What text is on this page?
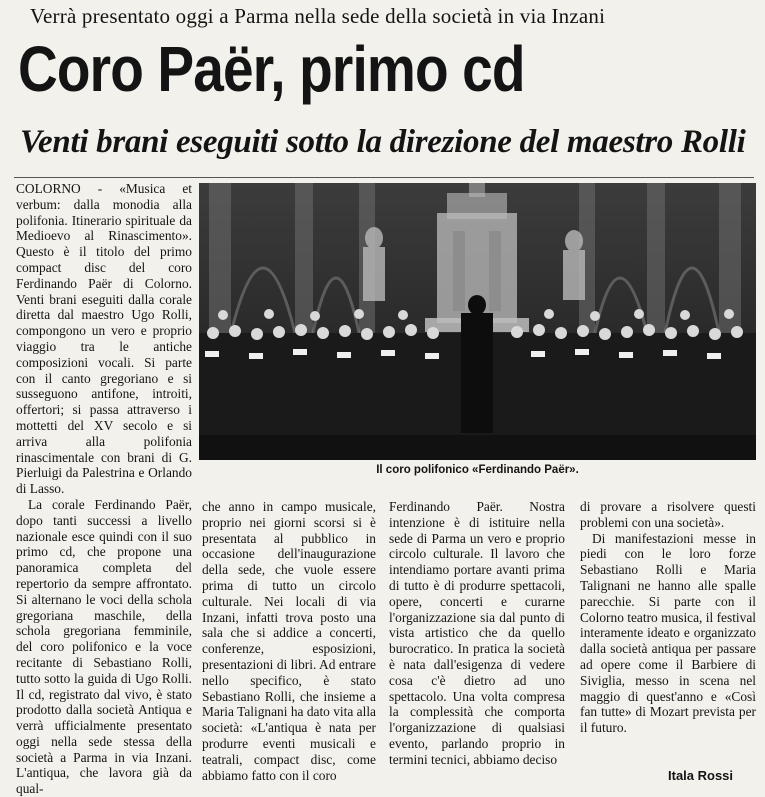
Verrà presentato oggi a Parma nella sede della società in via Inzani
Coro Paër, primo cd
Venti brani eseguiti sotto la direzione del maestro Rolli

COLORNO - «Musica et verbum: dalla monodia alla polifonia. Itinerario spirituale da Medioevo al Rinascimento». Questo è il titolo del primo compact disc del coro Ferdinando Paër di Colorno. Venti brani eseguiti dalla corale diretta dal maestro Ugo Rolli, compongono un vero e proprio viaggio tra le antiche composizioni vocali. Si parte con il canto gregoriano e si susseguono antifone, introiti, offertori; si passa attraverso i mottetti del XV secolo e si arriva alla polifonia rinascimentale con brani di G. Pierluigi da Palestrina e Orlando di Lasso.

La corale Ferdinando Paër, dopo tanti successi a livello nazionale esce quindi con il suo primo cd, che propone una panoramica completa del repertorio da sempre affrontato. Si alternano le voci della schola gregoriana maschile, della schola gregoriana femminile, del coro polifonico e la voce recitante di Sebastiano Rolli, tutto sotto la guida di Ugo Rolli. Il cd, registrato dal vivo, è stato prodotto dalla società Antiqua e verrà ufficialmente presentato oggi nella sede stessa della società a Parma in via Inzani. L'antiqua, che lavora già da qual-

Il coro polifonico «Ferdinando Paër».

che anno in campo musicale, proprio nei giorni scorsi si è presentata al pubblico in occasione dell'inaugurazione della sede, che vuole essere prima di tutto un circolo culturale. Nei locali di via Inzani, infatti trova posto una sala che si addice a concerti, conferenze, esposizioni, presentazioni di libri. Ad entrare nello specifico, è stato Sebastiano Rolli, che insieme a Maria Talignani ha dato vita alla società: «L'antiqua è nata per produrre eventi musicali e teatrali, compact disc, come abbiamo fatto con il coro

Ferdinando Paër. Nostra intenzione è di istituire nella sede di Parma un vero e proprio circolo culturale. Il lavoro che intendiamo portare avanti prima di tutto è di produrre spettacoli, opere, concerti e curarne l'organizzazione sia dal punto di vista artistico che da quello burocratico. In pratica la società è nata dall'esigenza di vedere cosa c'è dietro ad uno spettacolo. Una volta compresa la complessità che comporta l'organizzazione di qualsiasi evento, parlando proprio in termini tecnici, abbiamo deciso

di provare a risolvere questi problemi con una società».

Di manifestazioni messe in piedi con le loro forze Sebastiano Rolli e Maria Talignani ne hanno alle spalle parecchie. Si parte con il Colorno teatro musica, il festival interamente ideato e organizzato dalla società antiqua per passare ad opere come il Barbiere di Siviglia, messo in scena nel maggio di quest'anno e «Così fan tutte» di Mozart prevista per il futuro.

Itala Rossi
